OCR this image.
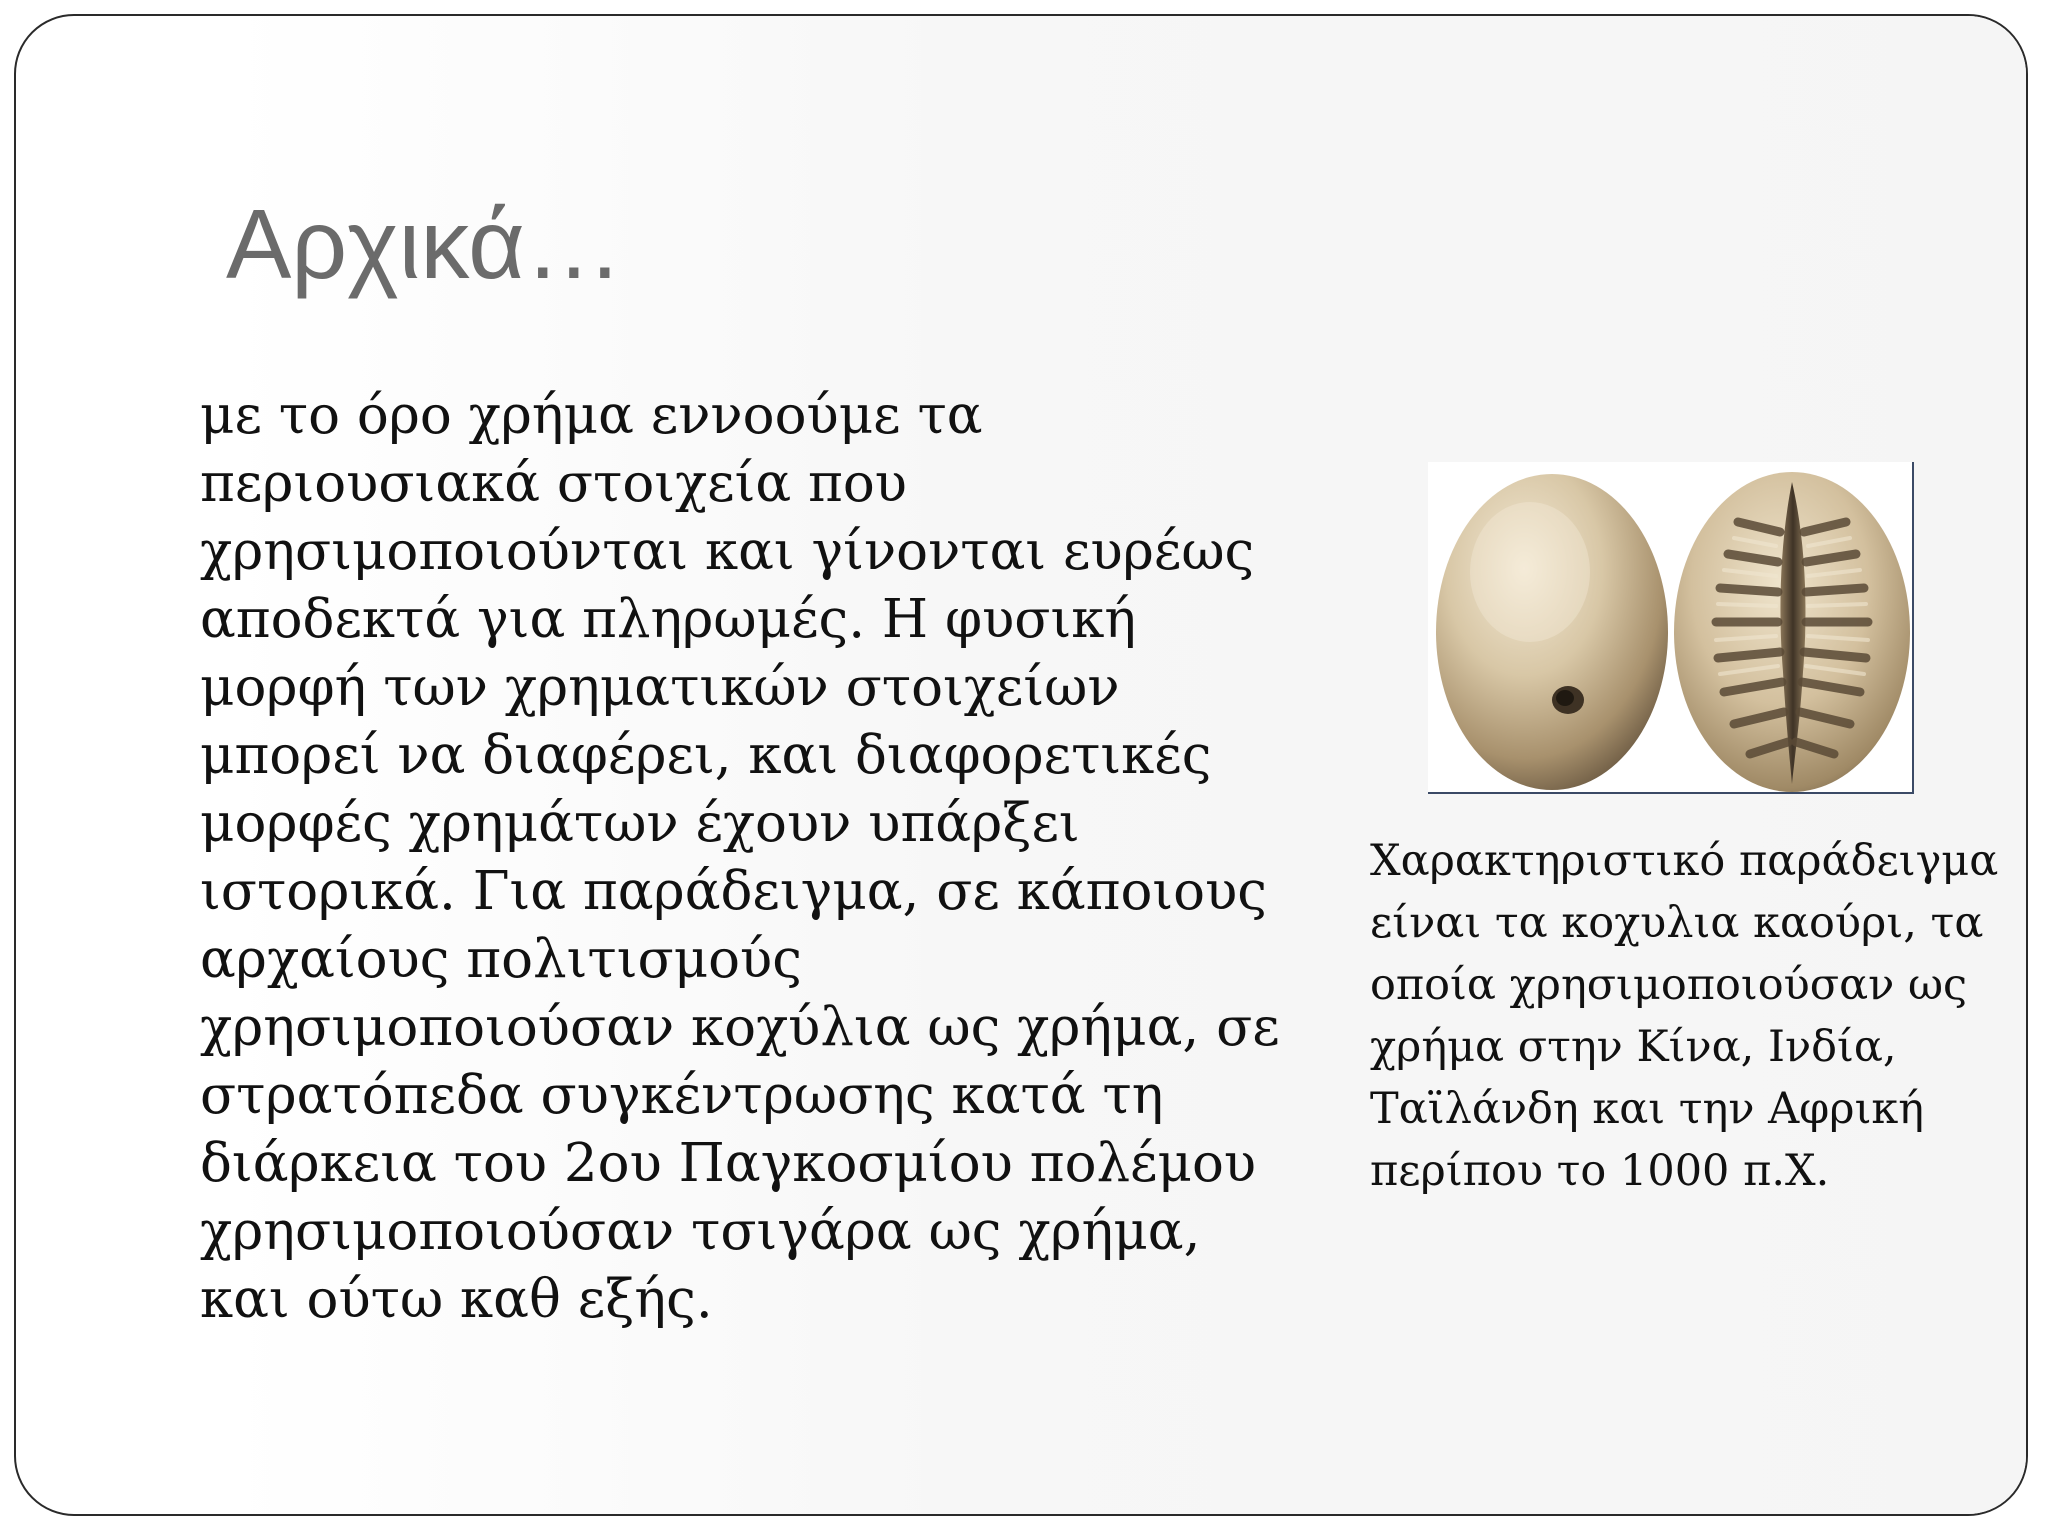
Αρχικά…

με το όρο χρήμα εννοούμε τα περιουσιακά στοιχεία που χρησιμοποιούνται και γίνονται ευρέως αποδεκτά για πληρωμές. Η φυσική μορφή των χρηματικών στοιχείων μπορεί να διαφέρει, και διαφορετικές μορφές χρημάτων έχουν υπάρξει ιστορικά. Για παράδειγμα, σε κάποιους αρχαίους πολιτισμούς χρησιμοποιούσαν κοχύλια ως χρήμα, σε στρατόπεδα συγκέντρωσης κατά τη διάρκεια του 2ου Παγκοσμίου πολέμου χρησιμοποιούσαν τσιγάρα ως χρήμα, και ούτω καθ εξής.

Χαρακτηριστικό παράδειγμα είναι τα κοχυλια καούρι, τα οποία χρησιμοποιούσαν ως χρήμα στην Κίνα, Ινδία, Ταϊλάνδη και την Αφρική περίπου το 1000 π.Χ.
